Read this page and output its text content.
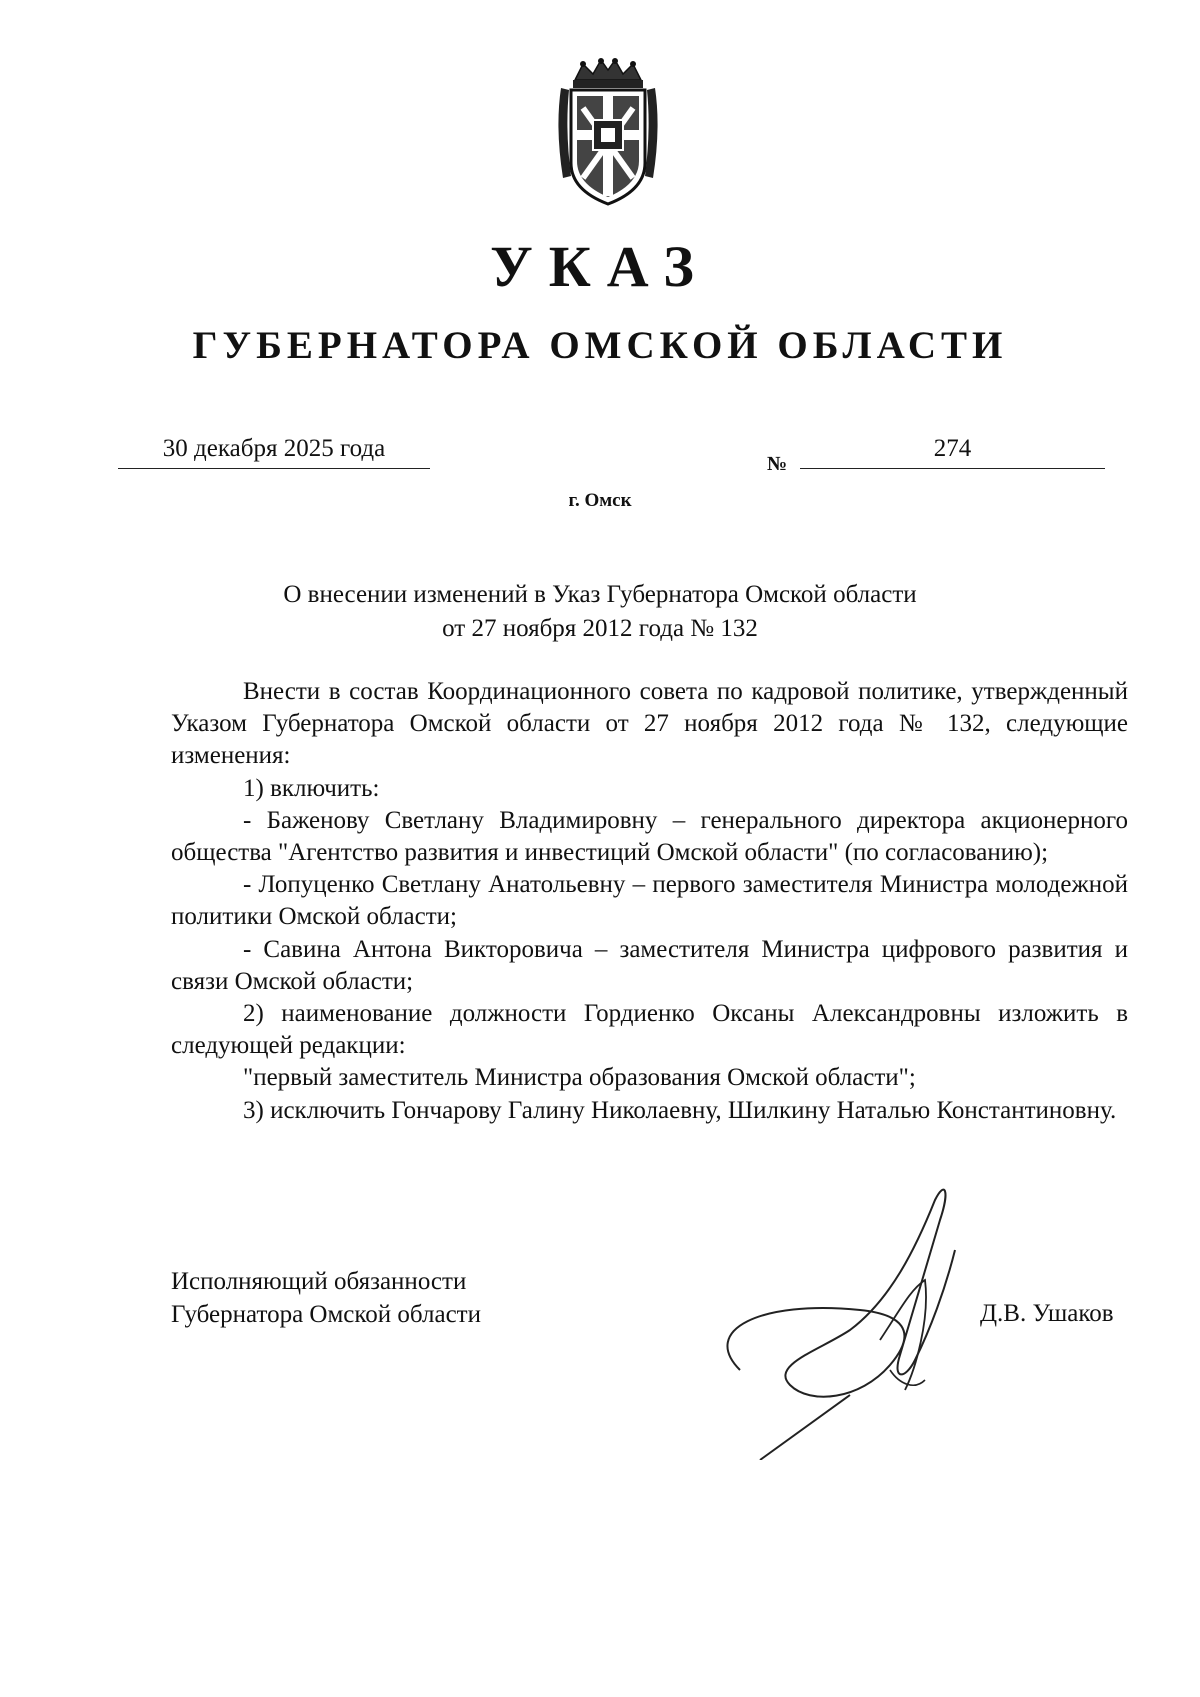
УКАЗ
ГУБЕРНАТОРА ОМСКОЙ ОБЛАСТИ
30 декабря 2025 года
№
274
г. Омск
О внесении изменений в Указ Губернатора Омской области
от 27 ноября 2012 года № 132

Внести в состав Координационного совета по кадровой политике, утвержденный Указом Губернатора Омской области от 27 ноября 2012 года № 132, следующие изменения:

1) включить:

- Баженову Светлану Владимировну – генерального директора акционерного общества "Агентство развития и инвестиций Омской области" (по согласованию);

- Лопуценко Светлану Анатольевну – первого заместителя Министра молодежной политики Омской области;

- Савина Антона Викторовича – заместителя Министра цифрового развития и связи Омской области;

2) наименование должности Гордиенко Оксаны Александровны изложить в следующей редакции:

"первый заместитель Министра образования Омской области";

3) исключить Гончарову Галину Николаевну, Шилкину Наталью Константиновну.

Исполняющий обязанности
Губернатора Омской области	Д.В. Ушаков
